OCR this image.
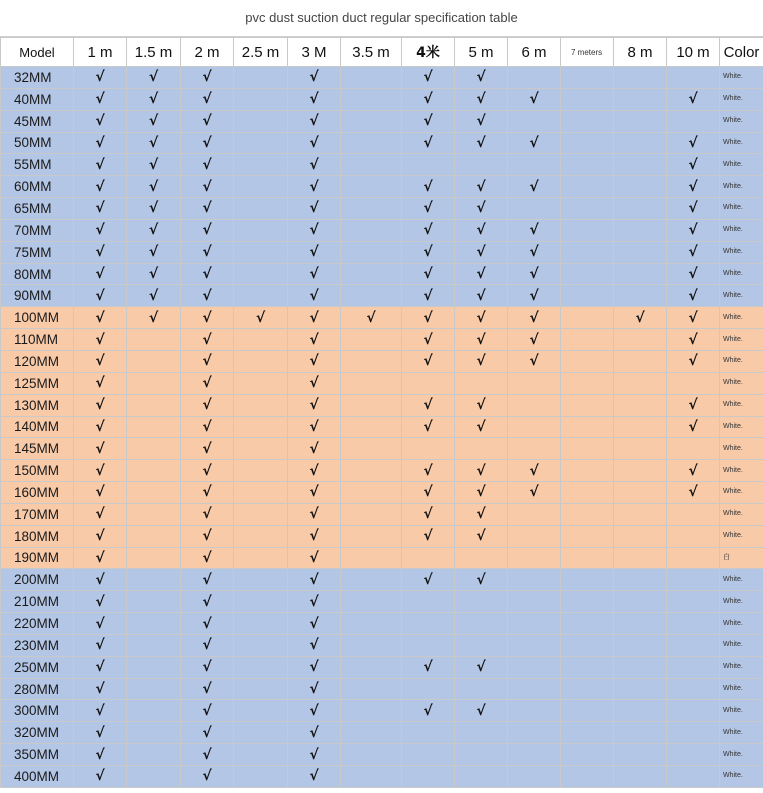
pvc dust suction duct regular specification table
Model	1 m	1.5 m	2 m	2.5 m	3 M	3.5 m	4米	5 m	6 m	7 meters	8 m	10 m	Color
32MM	√	√	√		√		√	√					White.
40MM	√	√	√		√		√	√	√			√	White.
45MM	√	√	√		√		√	√					White.
50MM	√	√	√		√		√	√	√			√	White.
55MM	√	√	√		√							√	White.
60MM	√	√	√		√		√	√	√			√	White.
65MM	√	√	√		√		√	√				√	White.
70MM	√	√	√		√		√	√	√			√	White.
75MM	√	√	√		√		√	√	√			√	White.
80MM	√	√	√		√		√	√	√			√	White.
90MM	√	√	√		√		√	√	√			√	White.
100MM	√	√	√	√	√	√	√	√	√		√	√	White.
110MM	√		√		√		√	√	√			√	White.
120MM	√		√		√		√	√	√			√	White.
125MM	√		√		√								White.
130MM	√		√		√		√	√				√	White.
140MM	√		√		√		√	√				√	White.
145MM	√		√		√								White.
150MM	√		√		√		√	√	√			√	White.
160MM	√		√		√		√	√	√			√	White.
170MM	√		√		√		√	√					White.
180MM	√		√		√		√	√					White.
190MM	√		√		√								白
200MM	√		√		√		√	√					White.
210MM	√		√		√								White.
220MM	√		√		√								White.
230MM	√		√		√								White.
250MM	√		√		√		√	√					White.
280MM	√		√		√								White.
300MM	√		√		√		√	√					White.
320MM	√		√		√								White.
350MM	√		√		√								White.
400MM	√		√		√								White.
